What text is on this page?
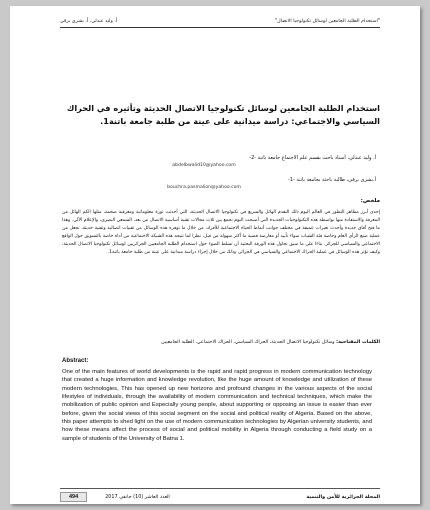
أ. وليد عبدلي، أ. بشرى برقي	"استخدام الطلبة الجامعين لوسائل تكنولوجيا الاتصال"
استخدام الطلبة الجامعين لوسائل تكنولوجيا الاتصال الحديثة وتأثيره في الحراك السياسي والاجتماعي: دراسة ميدانية على عينة من طلبة جامعة باتنة1.
أ. وليد عبدلي، أستاذ باحث بقسم علم الاجتماع جامعة باتنة -2-
abdelbwalid10@yahoo.com
أ.بشرى برقي، طالبة باحثة بجامعة باتنة -1-
bouchra.pasmalion@yahoo.com
ملخص:
إحدى أبرز مظاهر التطور في العالم اليوم ذلك التقدم الهائل والسريع في تكنولوجيا الاتصال الحديثة، التي أحدثت ثورة معلوماتية ومعرفية ضخمة، مثلها الكم الهائل من المعرفة والاستفادة منها بواسطة هذه التكنولوجيات الجديدة التي أصبحت اليوم تجمع بين ثلاث مجالات تقنية أساسية الاتصال من بعد، السمعي البصري، والإعلام الآلي. وهذا ما فتح آفاق جديدة وأحدث تغيرات عميقة في مختلف جوانب أنماط الحياة الاجتماعية للأفراد، من خلال ما توفره هذه الوسائل من تقنيات اتصالية وتقنية حديثة، تجعل من عملية صنع الرأي العام وخاصة فئة الشباب سواء تأييد أو معارضة قضية ما أكثر سهولة من قبل، نظرا لما تتيحه هذه الشبكة الاجتماعية من أداة خاصة بالتسويق حول الواقع الاجتماعي والسياسي للجزائر. بناءا على ما سبق تحاول هذه الورقة البحثية أن تسلط الضوء حول استخدام الطلبة الجامعيين الجزائريين لوسائل تكنولوجيا الاتصال الحديثة، وكيف تؤثر هذه الوسائل في عملية الحراك الاجتماعي والسياسي في الجزائر، وذلك من خلال إجراء دراسة ميدانية على عينة من طلبة جامعة باتنة1.
الكلمات المفتاحية: وسائل تكنولوجيا الاتصال الحديثة، الحراك السياسي، الحراك الاجتماعي، الطلبة الجامعيين
Abstract:
One of the main features of world developments is the rapid and rapid progress in modern communication technology that created a huge information and knowledge revolution, like the huge amount of knowledge and utilization of these modern technologies, This has opened up new horizons and profound changes in the various aspects of the social lifestyles of individuals, through the availability of modern communication and technical techniques, which make the mobilization of public opinion and Especially young people, about supporting or opposing an issue is easier than ever before, given the social views of this social segment on the social and political reality of Algeria. Based on the above, this paper attempts to shed light on the use of modern communication technologies by Algerian university students, and how these means affect the process of social and political mobility in Algeria through conducting a field study on a sample of students of the University of Batna 1.
494	العدد العاشر (10) جانفي 2017	المجلة الجزائرية للأمن والتنمية
